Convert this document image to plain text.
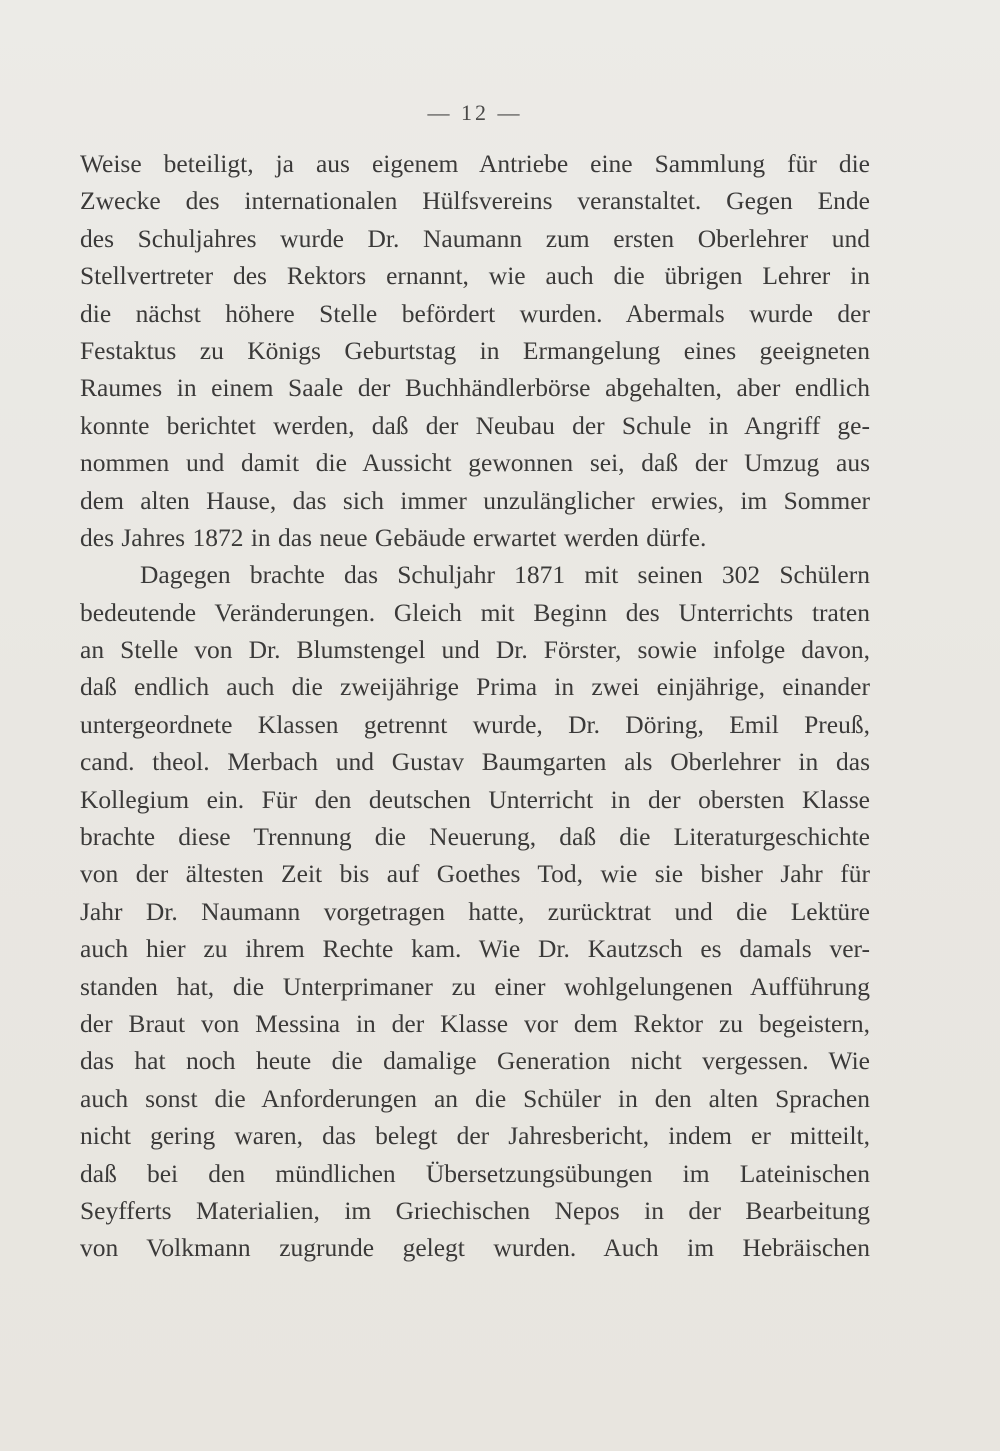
— 12 —
Weise beteiligt, ja aus eigenem Antriebe eine Sammlung für die
Zwecke des internationalen Hülfsvereins veranstaltet. Gegen Ende
des Schuljahres wurde Dr. Naumann zum ersten Oberlehrer und
Stellvertreter des Rektors ernannt, wie auch die übrigen Lehrer in
die nächst höhere Stelle befördert wurden. Abermals wurde der
Festaktus zu Königs Geburtstag in Ermangelung eines geeigneten
Raumes in einem Saale der Buchhändlerbörse abgehalten, aber endlich
konnte berichtet werden, daß der Neubau der Schule in Angriff ge-
nommen und damit die Aussicht gewonnen sei, daß der Umzug aus
dem alten Hause, das sich immer unzulänglicher erwies, im Sommer
des Jahres 1872 in das neue Gebäude erwartet werden dürfe.
Dagegen brachte das Schuljahr 1871 mit seinen 302 Schülern
bedeutende Veränderungen. Gleich mit Beginn des Unterrichts traten
an Stelle von Dr. Blumstengel und Dr. Förster, sowie infolge davon,
daß endlich auch die zweijährige Prima in zwei einjährige, einander
untergeordnete Klassen getrennt wurde, Dr. Döring, Emil Preuß,
cand. theol. Merbach und Gustav Baumgarten als Oberlehrer in das
Kollegium ein. Für den deutschen Unterricht in der obersten Klasse
brachte diese Trennung die Neuerung, daß die Literaturgeschichte
von der ältesten Zeit bis auf Goethes Tod, wie sie bisher Jahr für
Jahr Dr. Naumann vorgetragen hatte, zurücktrat und die Lektüre
auch hier zu ihrem Rechte kam. Wie Dr. Kautzsch es damals ver-
standen hat, die Unterprimaner zu einer wohlgelungenen Aufführung
der Braut von Messina in der Klasse vor dem Rektor zu begeistern,
das hat noch heute die damalige Generation nicht vergessen. Wie
auch sonst die Anforderungen an die Schüler in den alten Sprachen
nicht gering waren, das belegt der Jahresbericht, indem er mitteilt,
daß bei den mündlichen Übersetzungsübungen im Lateinischen
Seyfferts Materialien, im Griechischen Nepos in der Bearbeitung
von Volkmann zugrunde gelegt wurden. Auch im Hebräischen
